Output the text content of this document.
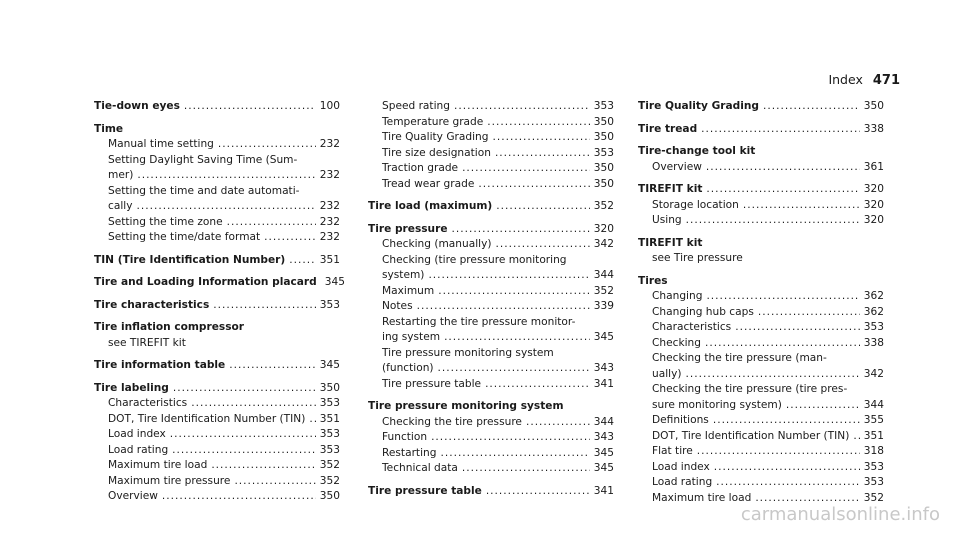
Index 471
Tie-down eyes .....	100
Time
Manual time setting .....	232
Setting Daylight Saving Time (Sum-
mer) .....	232
Setting the time and date automati-
cally .....	232
Setting the time zone .....	232
Setting the time/date format .....	232
TIN (Tire Identification Number) .....	351
Tire and Loading Information placard 345
Tire characteristics .....	353
Tire inflation compressor
see TIREFIT kit
Tire information table .....	345
Tire labeling .....	350
Characteristics .....	353
DOT, Tire Identification Number (TIN) ..... 351
Load index .....	353
Load rating .....	353
Maximum tire load .....	352
Maximum tire pressure .....	352
Overview .....	350
Speed rating .....	353
Temperature grade .....	350
Tire Quality Grading .....	350
Tire size designation .....	353
Traction grade .....	350
Tread wear grade .....	350
Tire load (maximum) .....	352
Tire pressure .....	320
Checking (manually) .....	342
Checking (tire pressure monitoring
system) .....	344
Maximum .....	352
Notes .....	339
Restarting the tire pressure monitor-
ing system .....	345
Tire pressure monitoring system
(function) .....	343
Tire pressure table .....	341
Tire pressure monitoring system
Checking the tire pressure .....	344
Function .....	343
Restarting .....	345
Technical data .....	345
Tire pressure table .....	341
Tire Quality Grading .....	350
Tire tread .....	338
Tire-change tool kit
Overview .....	361
TIREFIT kit .....	320
Storage location .....	320
Using .....	320
TIREFIT kit
see Tire pressure
Tires
Changing .....	362
Changing hub caps .....	362
Characteristics .....	353
Checking .....	338
Checking the tire pressure (man-
ually) .....	342
Checking the tire pressure (tire pres-
sure monitoring system) .....	344
Definitions .....	355
DOT, Tire Identification Number (TIN) ..... 351
Flat tire .....	318
Load index .....	353
Load rating .....	353
Maximum tire load .....	352
carmanualsonline.info
